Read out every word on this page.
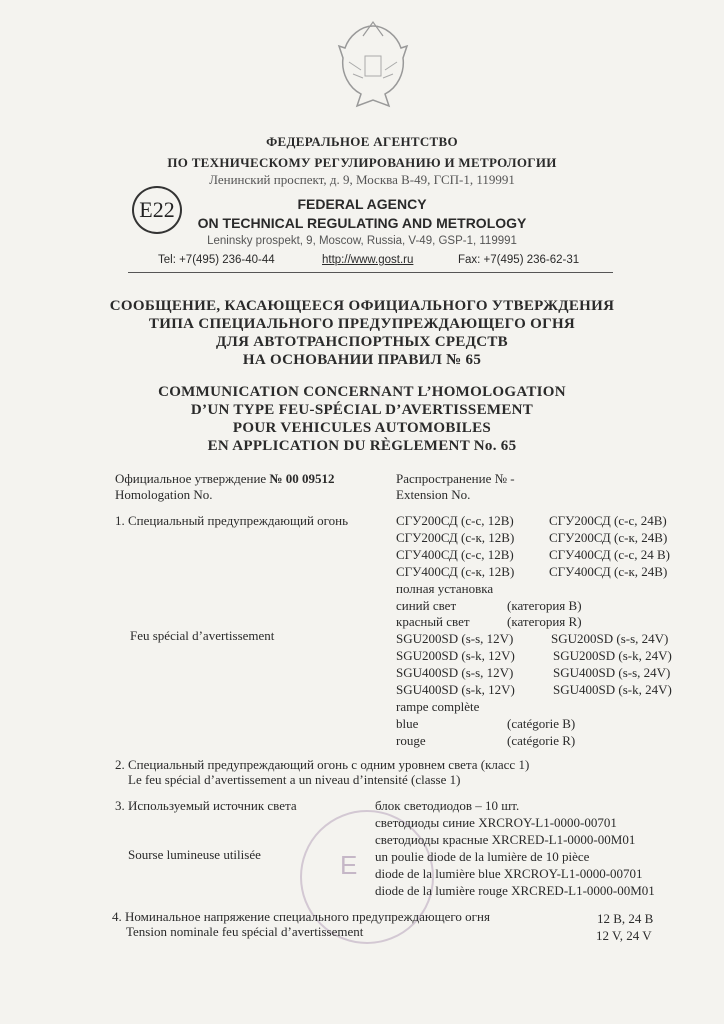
ФЕДЕРАЛЬНОЕ АГЕНТСТВО
ПО ТЕХНИЧЕСКОМУ РЕГУЛИРОВАНИЮ И МЕТРОЛОГИИ
Ленинский проспект, д. 9, Москва В-49, ГСП-1, 119991
E22	FEDERAL AGENCY
ON TECHNICAL REGULATING AND METROLOGY
Leninsky prospekt, 9, Moscow, Russia, V-49, GSP-1, 119991
Tel: +7(495) 236-40-44	http://www.gost.ru	Fax: +7(495) 236-62-31
СООБЩЕНИЕ, КАСАЮЩЕЕСЯ ОФИЦИАЛЬНОГО УТВЕРЖДЕНИЯ
ТИПА СПЕЦИАЛЬНОГО ПРЕДУПРЕЖДАЮЩЕГО ОГНЯ
ДЛЯ АВТОТРАНСПОРТНЫХ СРЕДСТВ
НА ОСНОВАНИИ ПРАВИЛ № 65
COMMUNICATION CONCERNANT L’HOMOLOGATION
D’UN TYPE FEU-SPÉCIAL D’AVERTISSEMENT
POUR VEHICULES AUTOMOBILES
EN APPLICATION DU RÈGLEMENT No. 65
Официальное утверждение № 00 09512
Homologation No.
Распространение № -
Extension No.
1. Специальный предупреждающий огонь
Feu spécial d’avertissement
СГУ200СД (с-с, 12В)	СГУ200СД (с-с, 24В)
СГУ200СД (с-к, 12В)	СГУ200СД (с-к, 24В)
СГУ400СД (с-с, 12В)	СГУ400СД (с-с, 24 В)
СГУ400СД (с-к, 12В)	СГУ400СД (с-к, 24В)
полная установка
синий свет	(категория В)
красный свет	(категория R)
SGU200SD (s-s, 12V)	SGU200SD (s-s, 24V)
SGU200SD (s-k, 12V)	SGU200SD (s-k, 24V)
SGU400SD (s-s, 12V)	SGU400SD (s-s, 24V)
SGU400SD (s-k, 12V)	SGU400SD (s-k, 24V)
rampe complète
blue	(catégorie B)
rouge	(catégorie R)
2. Специальный предупреждающий огонь с одним уровнем света (класс 1)
Le feu spécial d’avertissement a un niveau d’intensité (classe 1)
E
3. Используемый источник света
Sourse lumineuse utilisée
блок светодиодов – 10 шт.
светодиоды синие XRCROY-L1-0000-00701
светодиоды красные XRCRED-L1-0000-00M01
un poulie diode de la lumière de 10 pièce
diode de la lumière blue XRCROY-L1-0000-00701
diode de la lumière rouge XRCRED-L1-0000-00M01
4. Номинальное напряжение специального предупреждающего огня
Tension nominale feu spécial d’avertissement
12 В, 24 В
12 V, 24 V
